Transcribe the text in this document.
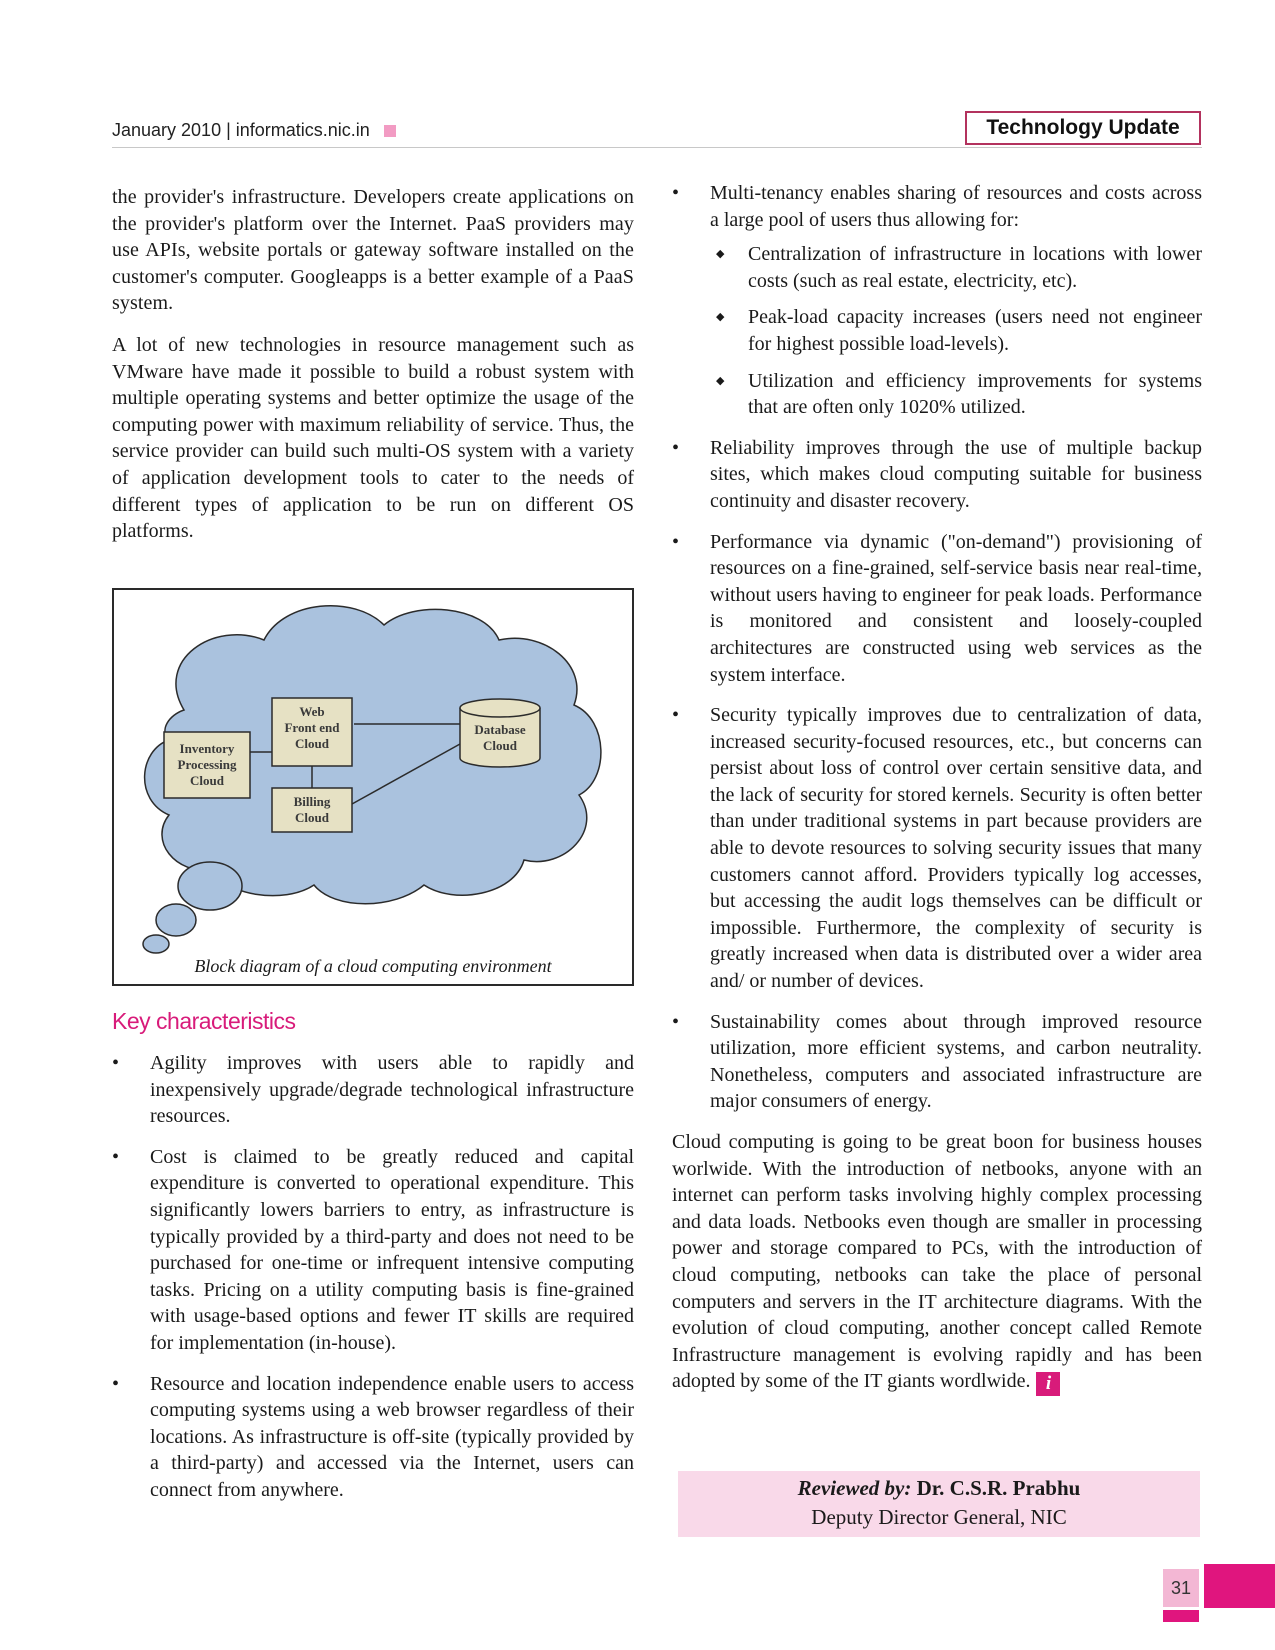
January 2010 | informatics.nic.in	Technology Update

the provider's infrastructure. Developers create applications on the provider's platform over the Internet. PaaS providers may use APIs, website portals or gateway software installed on the customer's computer. Googleapps is a better example of a PaaS system.

A lot of new technologies in resource management such as VMware have made it possible to build a robust system with multiple operating systems and better optimize the usage of the computing power with maximum reliability of service. Thus, the service provider can build such multi-OS system with a variety of application development tools to cater to the needs of different types of application to be run on different OS platforms.

Inventory
Processing
Cloud
Web
Front end
Cloud
Database
Cloud
Billing
Cloud
Block diagram of a cloud computing environment
Key characteristics
• Agility improves with users able to rapidly and inexpensively upgrade/degrade technological infrastructure resources.
• Cost is claimed to be greatly reduced and capital expenditure is converted to operational expenditure. This significantly lowers barriers to entry, as infrastructure is typically provided by a third-party and does not need to be purchased for one-time or infrequent intensive computing tasks. Pricing on a utility computing basis is fine-grained with usage-based options and fewer IT skills are required for implementation (in-house).
• Resource and location independence enable users to access computing systems using a web browser regardless of their locations. As infrastructure is off-site (typically provided by a third-party) and accessed via the Internet, users can connect from anywhere.
• Multi-tenancy enables sharing of resources and costs across a large pool of users thus allowing for:
◆ Centralization of infrastructure in locations with lower costs (such as real estate, electricity, etc).
◆ Peak-load capacity increases (users need not engineer for highest possible load-levels).
◆ Utilization and efficiency improvements for systems that are often only 1020% utilized.
• Reliability improves through the use of multiple backup sites, which makes cloud computing suitable for business continuity and disaster recovery.
• Performance via dynamic ("on-demand") provisioning of resources on a fine-grained, self-service basis near real-time, without users having to engineer for peak loads. Performance is monitored and consistent and loosely-coupled architectures are constructed using web services as the system interface.
• Security typically improves due to centralization of data, increased security-focused resources, etc., but concerns can persist about loss of control over certain sensitive data, and the lack of security for stored kernels. Security is often better than under traditional systems in part because providers are able to devote resources to solving security issues that many customers cannot afford. Providers typically log accesses, but accessing the audit logs themselves can be difficult or impossible. Furthermore, the complexity of security is greatly increased when data is distributed over a wider area and/ or number of devices.
• Sustainability comes about through improved resource utilization, more efficient systems, and carbon neutrality. Nonetheless, computers and associated infrastructure are major consumers of energy.

Cloud computing is going to be great boon for business houses worlwide. With the introduction of netbooks, anyone with an internet can perform tasks involving highly complex processing and data loads. Netbooks even though are smaller in processing power and storage compared to PCs, with the introduction of cloud computing, netbooks can take the place of personal computers and servers in the IT architecture diagrams. With the evolution of cloud computing, another concept called Remote Infrastructure management is evolving rapidly and has been adopted by some of the IT giants wordlwide. i

Reviewed by: Dr. C.S.R. Prabhu
Deputy Director General, NIC
31
